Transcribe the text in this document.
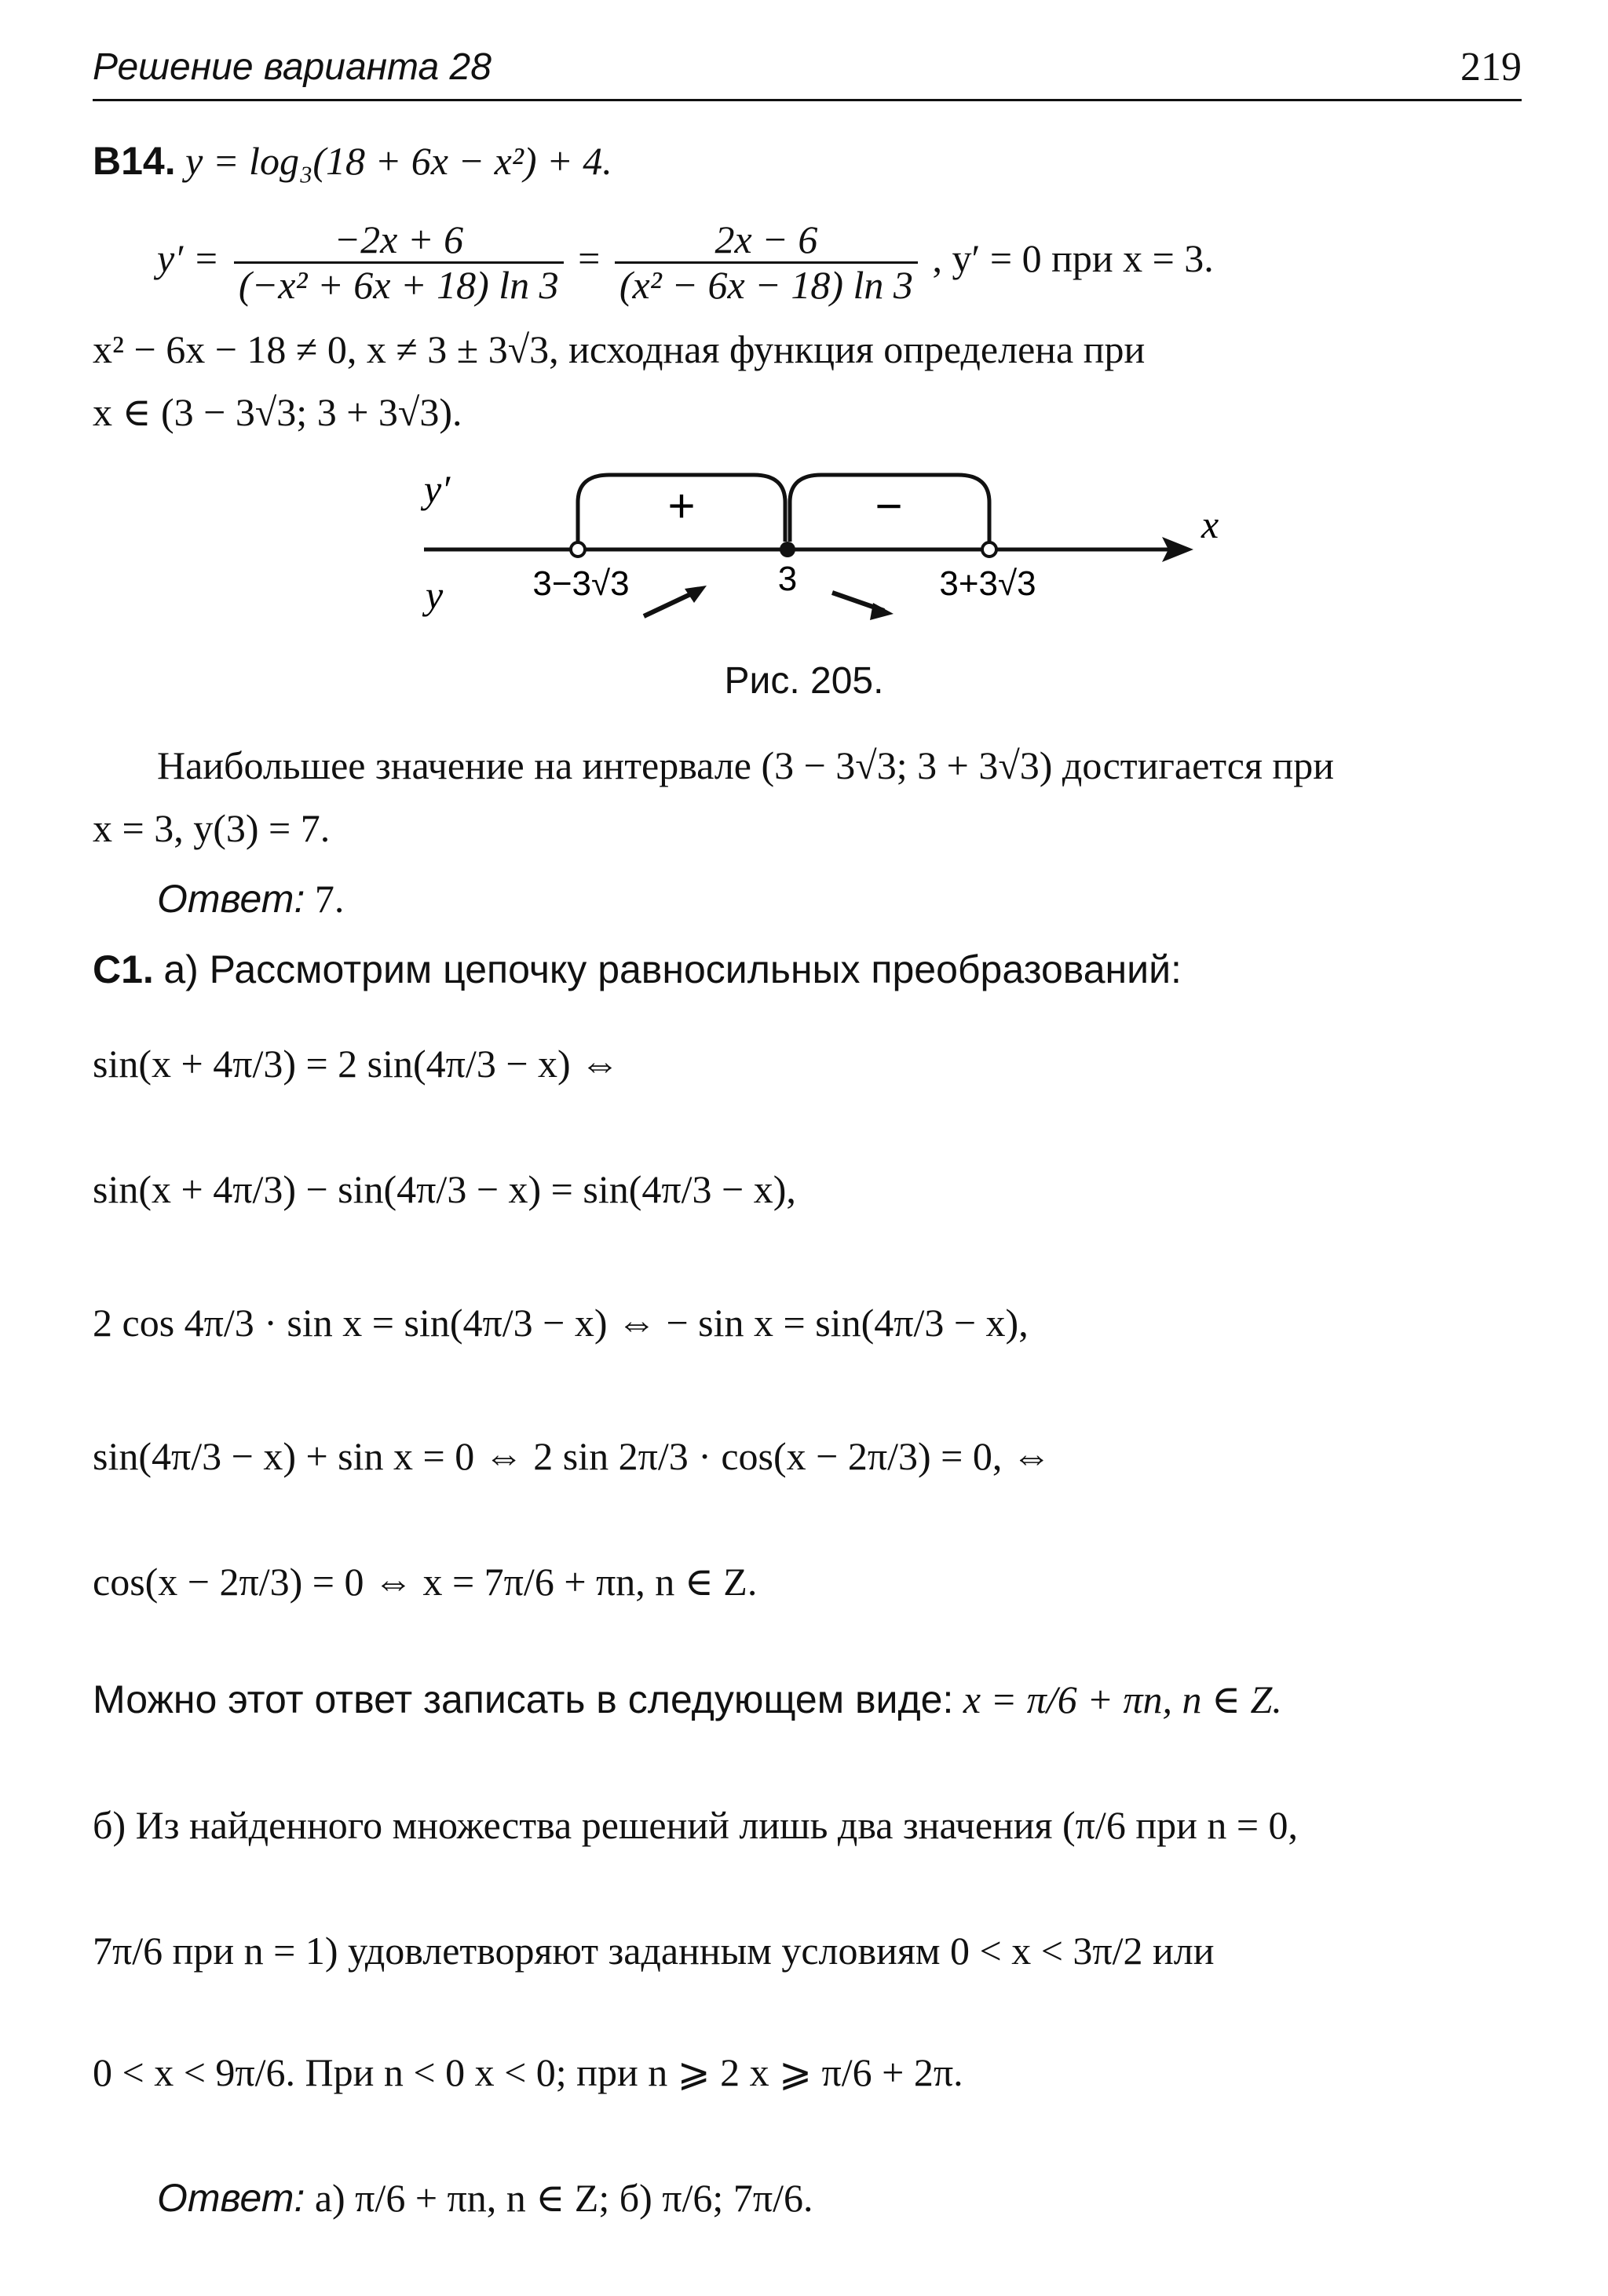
Решение варианта 28	219
B14. y = log₃(18 + 6x − x²) + 4.
$y' = \frac{-2x + 6}{\text{(−x² + 6x + 18) ln 3}} = \frac{2x - 6}{\text{(x² − 6x − 18) ln 3}}$ , y′ = 0 при x = 3.
x² − 6x − 18 ≠ 0, x ≠ 3 ± 3√3, исходная функция определена при
x ∈ (3 − 3√3; 3 + 3√3).
y′
y
x
+	−
3−3√3	3	3+3√3
Рис. 205.
Наибольшее значение на интервале (3 − 3√3; 3 + 3√3) достигается при
x = 3, y(3) = 7.
Ответ: 7.
C1. а) Рассмотрим цепочку равносильных преобразований:
sin(x + 4π/3) = 2 sin(4π/3 − x) ⇔
sin(x + 4π/3) − sin(4π/3 − x) = sin(4π/3 − x),
2 cos 4π/3 · sin x = sin(4π/3 − x) ⇔ − sin x = sin(4π/3 − x),
sin(4π/3 − x) + sin x = 0 ⇔ 2 sin 2π/3 · cos(x − 2π/3) = 0, ⇔
cos(x − 2π/3) = 0 ⇔ x = 7π/6 + πn, n ∈ Z.
Можно этот ответ записать в следующем виде: x = π/6 + πn, n ∈ Z.
б) Из найденного множества решений лишь два значения (π/6 при n = 0,
7π/6 при n = 1) удовлетворяют заданным условиям 0 < x < 3π/2 или
0 < x < 9π/6. При n < 0 x < 0; при n ⩾ 2 x ⩾ π/6 + 2π.
Ответ: а) π/6 + πn, n ∈ Z; б) π/6; 7π/6.
